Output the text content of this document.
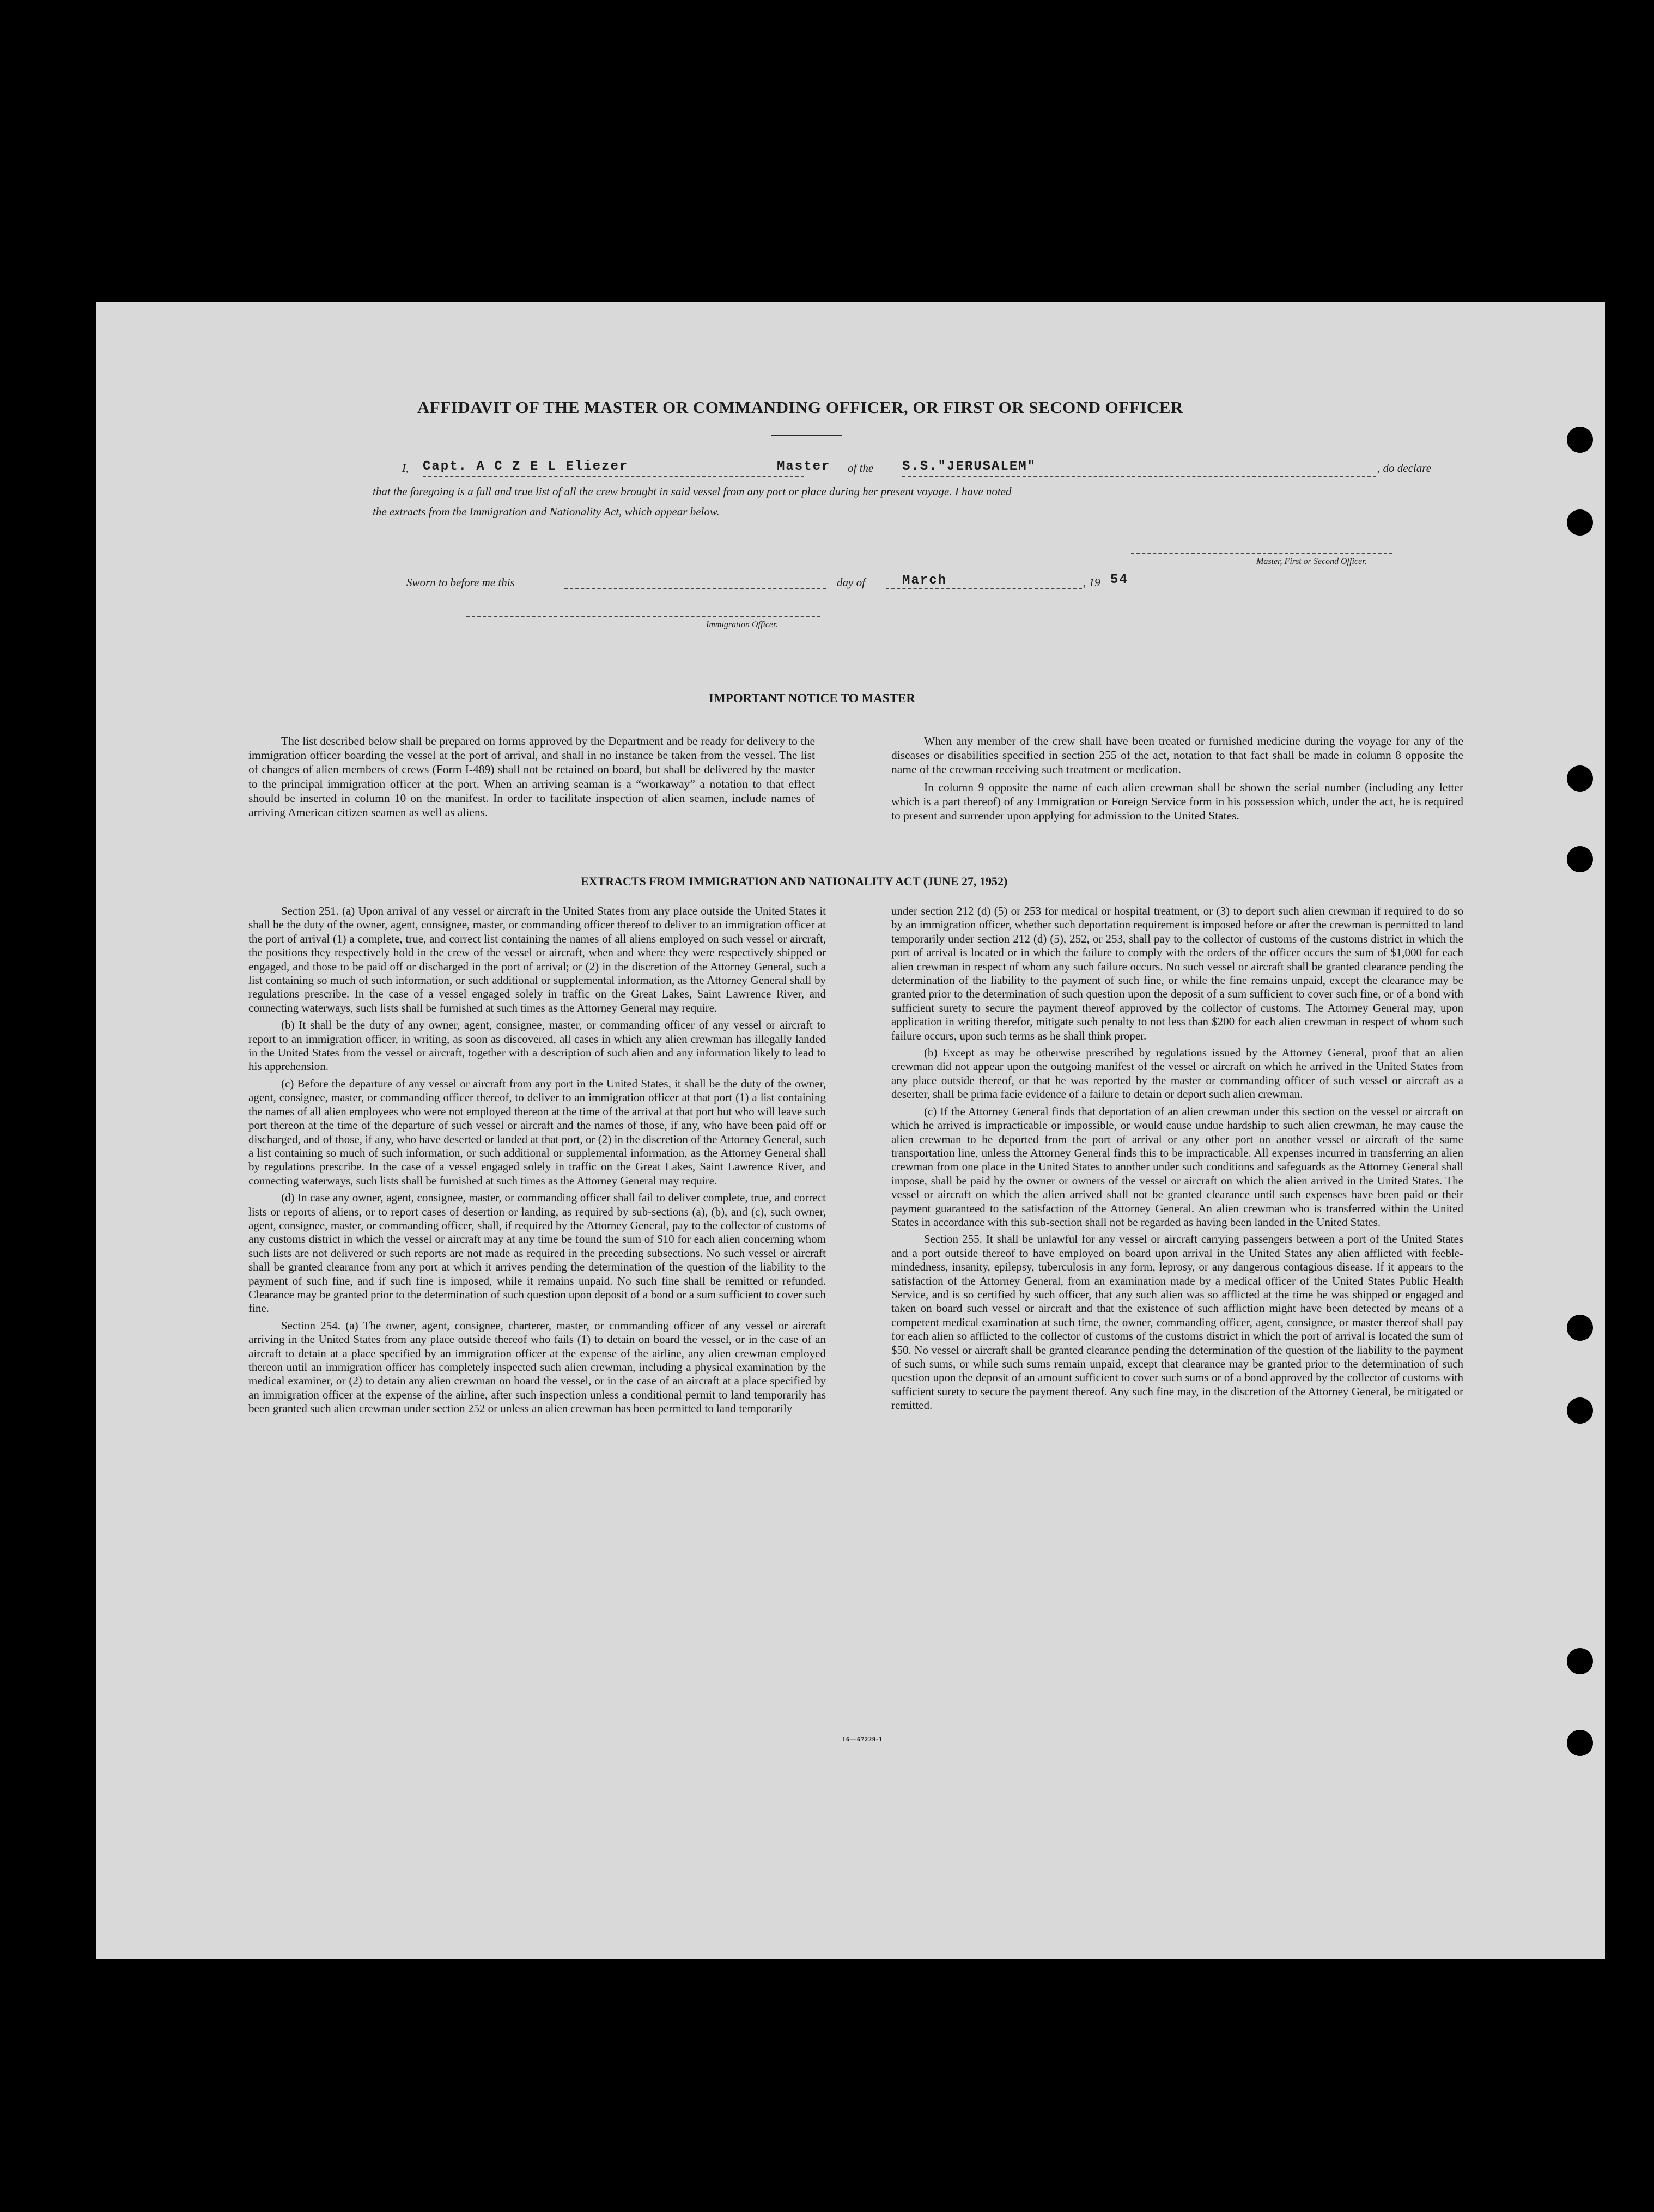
AFFIDAVIT OF THE MASTER OR COMMANDING OFFICER, OR FIRST OR SECOND OFFICER
I, Capt. A C Z E L Eliezer	Master of the S.S."JERUSALEM"	, do declare
that the foregoing is a full and true list of all the crew brought in said vessel from any port or place during her present voyage. I have noted
the extracts from the Immigration and Nationality Act, which appear below.
Master, First or Second Officer.
Sworn to before me this	day of	March	, 19 54
Immigration Officer.
IMPORTANT NOTICE TO MASTER

The list described below shall be prepared on forms approved by the Department and be ready for delivery to the immigration officer boarding the vessel at the port of arrival, and shall in no instance be taken from the vessel. The list of changes of alien members of crews (Form I-489) shall not be retained on board, but shall be delivered by the master to the principal immigration officer at the port. When an arriving seaman is a “workaway” a notation to that effect should be inserted in column 10 on the manifest. In order to facilitate inspection of alien seamen, include names of arriving American citizen seamen as well as aliens.

When any member of the crew shall have been treated or furnished medicine during the voyage for any of the diseases or disabilities specified in section 255 of the act, notation to that fact shall be made in column 8 opposite the name of the crewman receiving such treatment or medication.

In column 9 opposite the name of each alien crewman shall be shown the serial number (including any letter which is a part thereof) of any Immigration or Foreign Service form in his possession which, under the act, he is required to present and surrender upon applying for admission to the United States.

EXTRACTS FROM IMMIGRATION AND NATIONALITY ACT (JUNE 27, 1952)

Section 251. (a) Upon arrival of any vessel or aircraft in the United States from any place outside the United States it shall be the duty of the owner, agent, consignee, master, or commanding officer thereof to deliver to an immigration officer at the port of arrival (1) a complete, true, and correct list containing the names of all aliens employed on such vessel or aircraft, the positions they respectively hold in the crew of the vessel or aircraft, when and where they were respectively shipped or engaged, and those to be paid off or discharged in the port of arrival; or (2) in the discretion of the Attorney General, such a list containing so much of such information, or such additional or supplemental information, as the Attorney General shall by regulations prescribe. In the case of a vessel engaged solely in traffic on the Great Lakes, Saint Lawrence River, and connecting waterways, such lists shall be furnished at such times as the Attorney General may require.

(b) It shall be the duty of any owner, agent, consignee, master, or commanding officer of any vessel or aircraft to report to an immigration officer, in writing, as soon as discovered, all cases in which any alien crewman has illegally landed in the United States from the vessel or aircraft, together with a description of such alien and any information likely to lead to his apprehension.

(c) Before the departure of any vessel or aircraft from any port in the United States, it shall be the duty of the owner, agent, consignee, master, or commanding officer thereof, to deliver to an immigration officer at that port (1) a list containing the names of all alien employees who were not employed thereon at the time of the arrival at that port but who will leave such port thereon at the time of the departure of such vessel or aircraft and the names of those, if any, who have been paid off or discharged, and of those, if any, who have deserted or landed at that port, or (2) in the discretion of the Attorney General, such a list containing so much of such information, or such additional or supplemental information, as the Attorney General shall by regulations prescribe. In the case of a vessel engaged solely in traffic on the Great Lakes, Saint Lawrence River, and connecting waterways, such lists shall be furnished at such times as the Attorney General may require.

(d) In case any owner, agent, consignee, master, or commanding officer shall fail to deliver complete, true, and correct lists or reports of aliens, or to report cases of desertion or landing, as required by sub-sections (a), (b), and (c), such owner, agent, consignee, master, or commanding officer, shall, if required by the Attorney General, pay to the collector of customs of any customs district in which the vessel or aircraft may at any time be found the sum of $10 for each alien concerning whom such lists are not delivered or such reports are not made as required in the preceding subsections. No such vessel or aircraft shall be granted clearance from any port at which it arrives pending the determination of the question of the liability to the payment of such fine, and if such fine is imposed, while it remains unpaid. No such fine shall be remitted or refunded. Clearance may be granted prior to the determination of such question upon deposit of a bond or a sum sufficient to cover such fine.

Section 254. (a) The owner, agent, consignee, charterer, master, or commanding officer of any vessel or aircraft arriving in the United States from any place outside thereof who fails (1) to detain on board the vessel, or in the case of an aircraft to detain at a place specified by an immigration officer at the expense of the airline, any alien crewman employed thereon until an immigration officer has completely inspected such alien crewman, including a physical examination by the medical examiner, or (2) to detain any alien crewman on board the vessel, or in the case of an aircraft at a place specified by an immigration officer at the expense of the airline, after such inspection unless a conditional permit to land temporarily has been granted such alien crewman under section 252 or unless an alien crewman has been permitted to land temporarily

under section 212 (d) (5) or 253 for medical or hospital treatment, or (3) to deport such alien crewman if required to do so by an immigration officer, whether such deportation requirement is imposed before or after the crewman is permitted to land temporarily under section 212 (d) (5), 252, or 253, shall pay to the collector of customs of the customs district in which the port of arrival is located or in which the failure to comply with the orders of the officer occurs the sum of $1,000 for each alien crewman in respect of whom any such failure occurs. No such vessel or aircraft shall be granted clearance pending the determination of the liability to the payment of such fine, or while the fine remains unpaid, except the clearance may be granted prior to the determination of such question upon the deposit of a sum sufficient to cover such fine, or of a bond with sufficient surety to secure the payment thereof approved by the collector of customs. The Attorney General may, upon application in writing therefor, mitigate such penalty to not less than $200 for each alien crewman in respect of whom such failure occurs, upon such terms as he shall think proper.

(b) Except as may be otherwise prescribed by regulations issued by the Attorney General, proof that an alien crewman did not appear upon the outgoing manifest of the vessel or aircraft on which he arrived in the United States from any place outside thereof, or that he was reported by the master or commanding officer of such vessel or aircraft as a deserter, shall be prima facie evidence of a failure to detain or deport such alien crewman.

(c) If the Attorney General finds that deportation of an alien crewman under this section on the vessel or aircraft on which he arrived is impracticable or impossible, or would cause undue hardship to such alien crewman, he may cause the alien crewman to be deported from the port of arrival or any other port on another vessel or aircraft of the same transportation line, unless the Attorney General finds this to be impracticable. All expenses incurred in transferring an alien crewman from one place in the United States to another under such conditions and safeguards as the Attorney General shall impose, shall be paid by the owner or owners of the vessel or aircraft on which the alien arrived in the United States. The vessel or aircraft on which the alien arrived shall not be granted clearance until such expenses have been paid or their payment guaranteed to the satisfaction of the Attorney General. An alien crewman who is transferred within the United States in accordance with this sub-section shall not be regarded as having been landed in the United States.

Section 255. It shall be unlawful for any vessel or aircraft carrying passengers between a port of the United States and a port outside thereof to have employed on board upon arrival in the United States any alien afflicted with feeble-mindedness, insanity, epilepsy, tuberculosis in any form, leprosy, or any dangerous contagious disease. If it appears to the satisfaction of the Attorney General, from an examination made by a medical officer of the United States Public Health Service, and is so certified by such officer, that any such alien was so afflicted at the time he was shipped or engaged and taken on board such vessel or aircraft and that the existence of such affliction might have been detected by means of a competent medical examination at such time, the owner, commanding officer, agent, consignee, or master thereof shall pay for each alien so afflicted to the collector of customs of the customs district in which the port of arrival is located the sum of $50. No vessel or aircraft shall be granted clearance pending the determination of the question of the liability to the payment of such sums, or while such sums remain unpaid, except that clearance may be granted prior to the determination of such question upon the deposit of an amount sufficient to cover such sums or of a bond approved by the collector of customs with sufficient surety to secure the payment thereof. Any such fine may, in the discretion of the Attorney General, be mitigated or remitted.

16—67229-1
